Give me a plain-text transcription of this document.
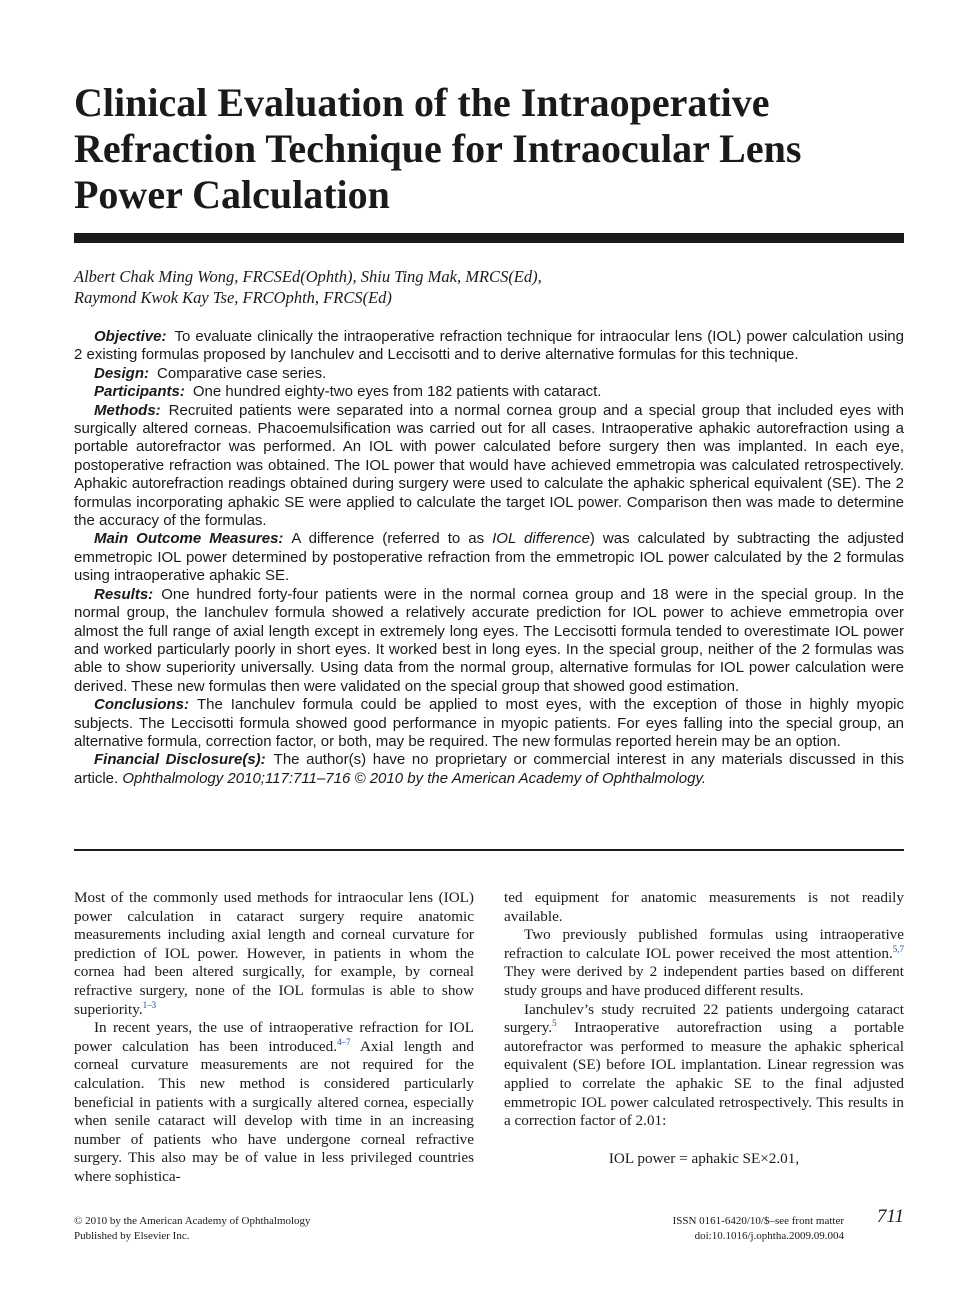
Clinical Evaluation of the Intraoperative Refraction Technique for Intraocular Lens Power Calculation
Albert Chak Ming Wong, FRCSEd(Ophth), Shiu Ting Mak, MRCS(Ed),
Raymond Kwok Kay Tse, FRCOphth, FRCS(Ed)

Objective: To evaluate clinically the intraoperative refraction technique for intraocular lens (IOL) power calculation using 2 existing formulas proposed by Ianchulev and Leccisotti and to derive alternative formulas for this technique.

Design: Comparative case series.

Participants: One hundred eighty-two eyes from 182 patients with cataract.

Methods: Recruited patients were separated into a normal cornea group and a special group that included eyes with surgically altered corneas. Phacoemulsification was carried out for all cases. Intraoperative aphakic autorefraction using a portable autorefractor was performed. An IOL with power calculated before surgery then was implanted. In each eye, postoperative refraction was obtained. The IOL power that would have achieved emmetropia was calculated retrospectively. Aphakic autorefraction readings obtained during surgery were used to calculate the aphakic spherical equivalent (SE). The 2 formulas incorporating aphakic SE were applied to calculate the target IOL power. Comparison then was made to determine the accuracy of the formulas.

Main Outcome Measures: A difference (referred to as IOL difference) was calculated by subtracting the adjusted emmetropic IOL power determined by postoperative refraction from the emmetropic IOL power calculated by the 2 formulas using intraoperative aphakic SE.

Results: One hundred forty-four patients were in the normal cornea group and 18 were in the special group. In the normal group, the Ianchulev formula showed a relatively accurate prediction for IOL power to achieve emmetropia over almost the full range of axial length except in extremely long eyes. The Leccisotti formula tended to overestimate IOL power and worked particularly poorly in short eyes. It worked best in long eyes. In the special group, neither of the 2 formulas was able to show superiority universally. Using data from the normal group, alternative formulas for IOL power calculation were derived. These new formulas then were validated on the special group that showed good estimation.

Conclusions: The Ianchulev formula could be applied to most eyes, with the exception of those in highly myopic subjects. The Leccisotti formula showed good performance in myopic patients. For eyes falling into the special group, an alternative formula, correction factor, or both, may be required. The new formulas reported herein may be an option.

Financial Disclosure(s): The author(s) have no proprietary or commercial interest in any materials discussed in this article. Ophthalmology 2010;117:711–716 © 2010 by the American Academy of Ophthalmology.

Most of the commonly used methods for intraocular lens (IOL) power calculation in cataract surgery require anatomic measurements including axial length and corneal curvature for prediction of IOL power. However, in patients in whom the cornea had been altered surgically, for example, by corneal refractive surgery, none of the IOL formulas is able to show superiority.$^{1-3}$

In recent years, the use of intraoperative refraction for IOL power calculation has been introduced.$^{4-7}$ Axial length and corneal curvature measurements are not required for the calculation. This new method is considered particularly beneficial in patients with a surgically altered cornea, especially when senile cataract will develop with time in an increasing number of patients who have undergone corneal refractive surgery. This also may be of value in less privileged countries where sophistica-

ted equipment for anatomic measurements is not readily available.

Two previously published formulas using intraoperative refraction to calculate IOL power received the most attention.$^{5,7}$ They were derived by 2 independent parties based on different study groups and have produced different results.

Ianchulev’s study recruited 22 patients undergoing cataract surgery.$^5$ Intraoperative autorefraction using a portable autorefractor was performed to measure the aphakic spherical equivalent (SE) before IOL implantation. Linear regression was applied to correlate the aphakic SE to the final adjusted emmetropic IOL power calculated retrospectively. This results in a correction factor of 2.01:

IOL power = aphakic SE×2.01,

© 2010 by the American Academy of Ophthalmology
Published by Elsevier Inc.
ISSN 0161-6420/10/$–see front matter
doi:10.1016/j.ophtha.2009.09.004
711
